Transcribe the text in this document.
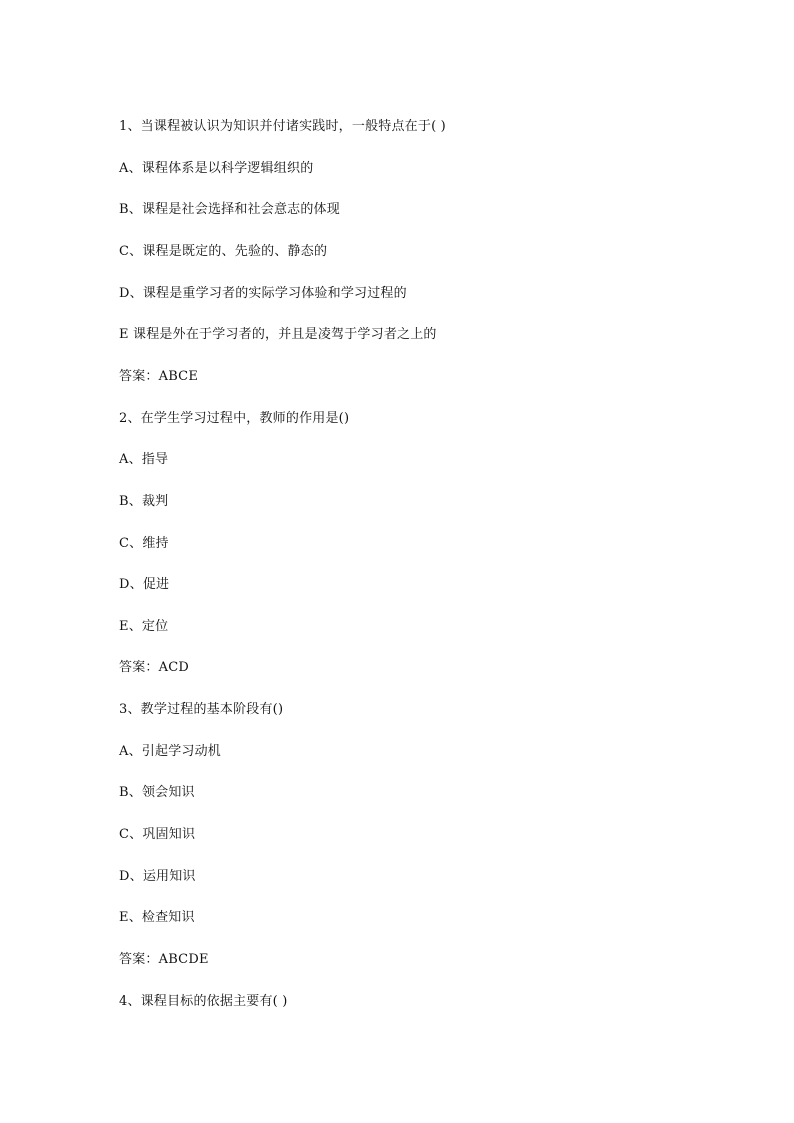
1、当课程被认识为知识并付诸实践时，一般特点在于( )
A、课程体系是以科学逻辑组织的
B、课程是社会选择和社会意志的体现
C、课程是既定的、先验的、静态的
D、课程是重学习者的实际学习体验和学习过程的
E 课程是外在于学习者的，并且是凌驾于学习者之上的
答案：ABCE
2、在学生学习过程中，教师的作用是()
A、指导
B、裁判
C、维持
D、促进
E、定位
答案：ACD
3、教学过程的基本阶段有()
A、引起学习动机
B、领会知识
C、巩固知识
D、运用知识
E、检查知识
答案：ABCDE
4、课程目标的依据主要有( )
